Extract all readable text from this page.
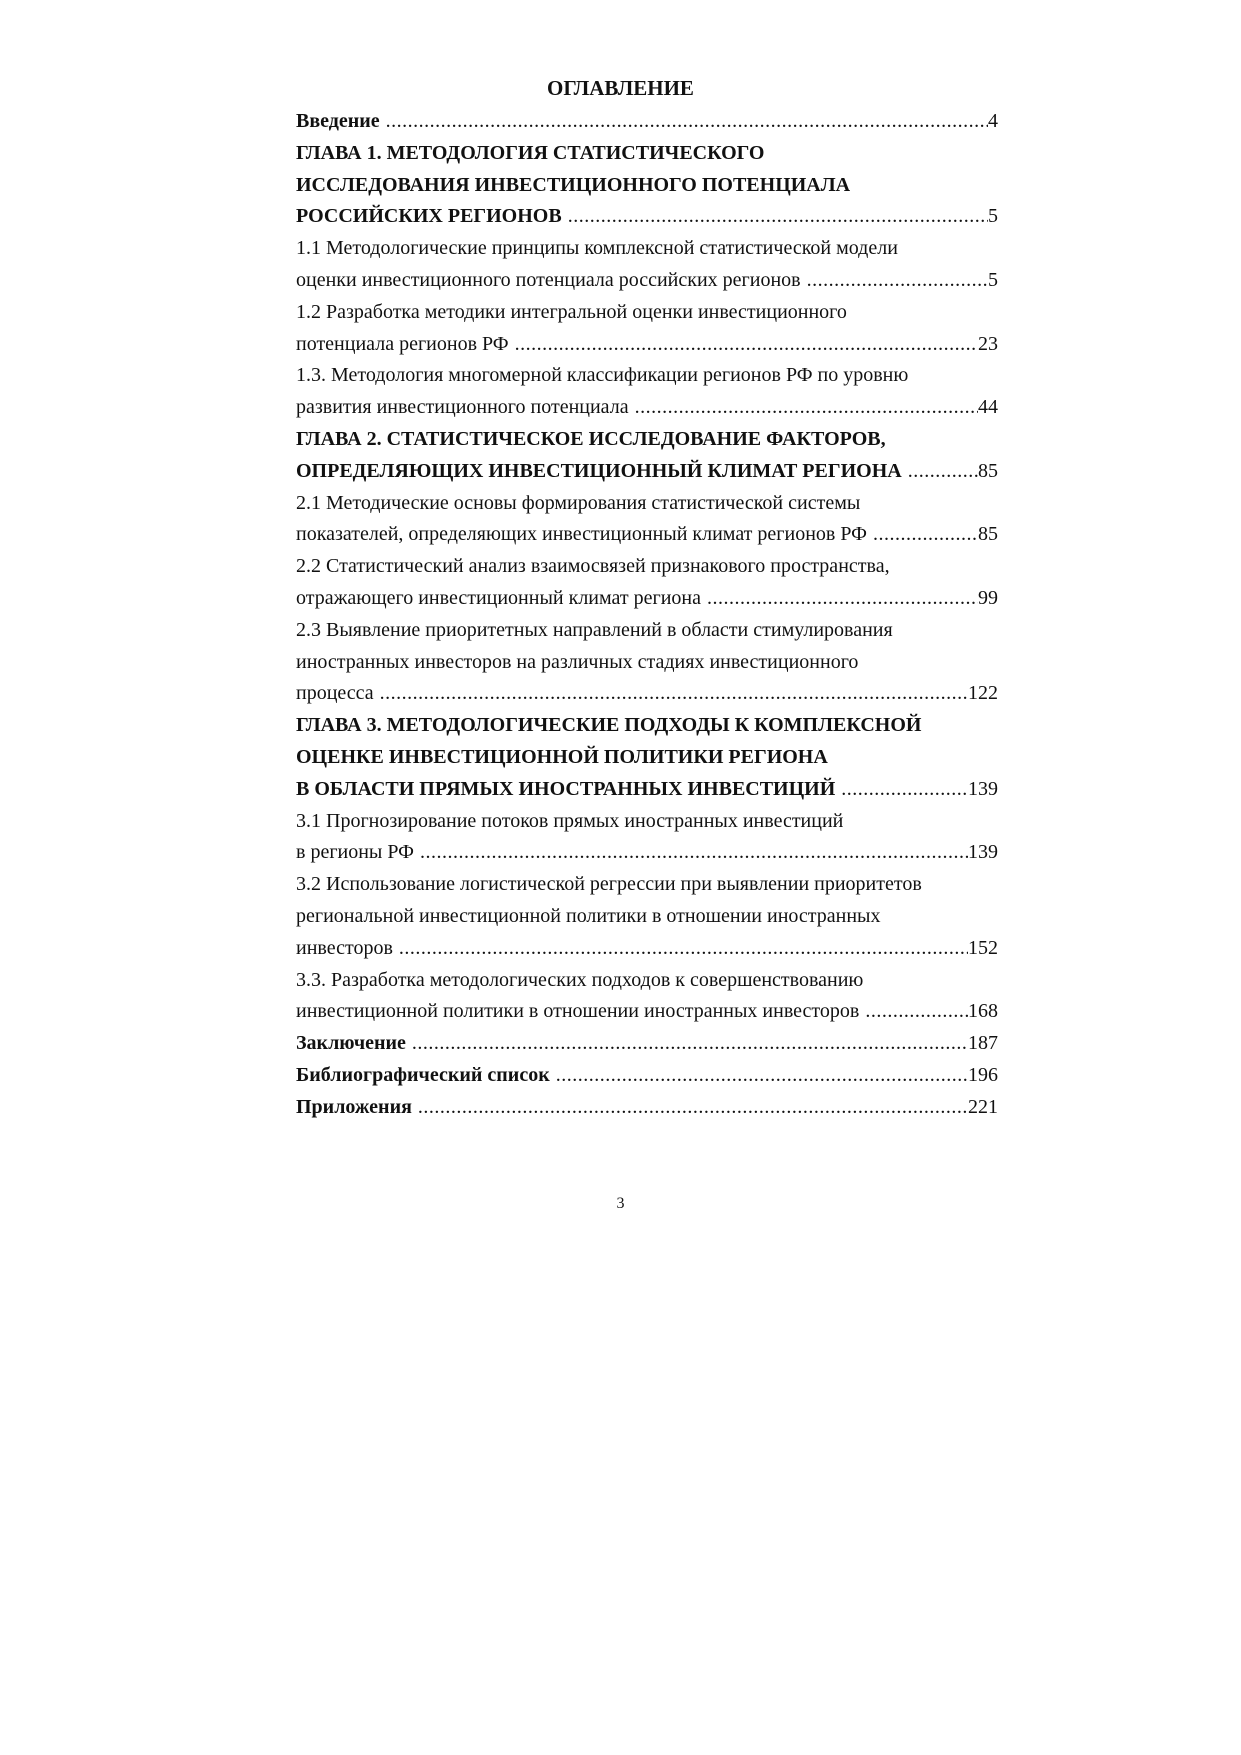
ОГЛАВЛЕНИЕ
Введение .....	4
ГЛАВА 1. МЕТОДОЛОГИЯ СТАТИСТИЧЕСКОГО
ИССЛЕДОВАНИЯ ИНВЕСТИЦИОННОГО ПОТЕНЦИАЛА
РОССИЙСКИХ РЕГИОНОВ .....	5
1.1 Методологические принципы комплексной статистической модели
оценки инвестиционного потенциала российских регионов .....	5
1.2 Разработка методики интегральной оценки инвестиционного
потенциала регионов РФ .....	23
1.3. Методология многомерной классификации регионов РФ по уровню
развития инвестиционного потенциала .....	44
ГЛАВА 2. СТАТИСТИЧЕСКОЕ ИССЛЕДОВАНИЕ ФАКТОРОВ,
ОПРЕДЕЛЯЮЩИХ ИНВЕСТИЦИОННЫЙ КЛИМАТ РЕГИОНА .....	85
2.1 Методические основы формирования статистической системы
показателей, определяющих инвестиционный климат регионов РФ .....	85
2.2 Статистический анализ взаимосвязей признакового пространства,
отражающего инвестиционный климат региона .....	99
2.3 Выявление приоритетных направлений в области стимулирования
иностранных инвесторов на различных стадиях инвестиционного
процесса .....	122
ГЛАВА 3. МЕТОДОЛОГИЧЕСКИЕ ПОДХОДЫ К КОМПЛЕКСНОЙ
ОЦЕНКЕ ИНВЕСТИЦИОННОЙ ПОЛИТИКИ РЕГИОНА
В ОБЛАСТИ ПРЯМЫХ ИНОСТРАННЫХ ИНВЕСТИЦИЙ .....	139
3.1 Прогнозирование потоков прямых иностранных инвестиций
в регионы РФ .....	139
3.2 Использование логистической регрессии при выявлении приоритетов
региональной инвестиционной политики в отношении иностранных
инвесторов .....	152
3.3. Разработка методологических подходов к совершенствованию
инвестиционной политики в отношении иностранных инвесторов .....	168
Заключение .....	187
Библиографический список .....	196
Приложения .....	221
3
